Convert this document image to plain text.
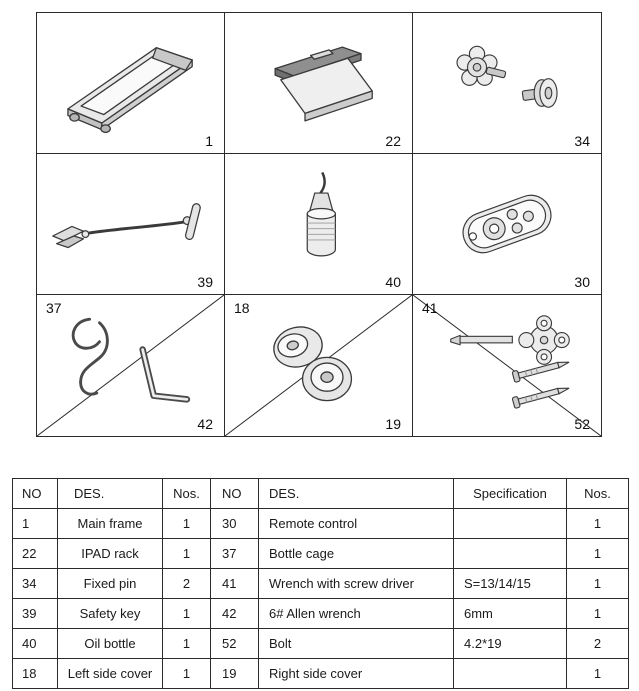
1	22	34
39	40	30
37
42
18
19
41
52
NO	DES.	Nos.	NO	DES.	Specification	Nos.
1	Main frame	1	30	Remote control		1
22	IPAD rack	1	37	Bottle cage		1
34	Fixed pin	2	41	Wrench with screw driver	S=13/14/15	1
39	Safety key	1	42	6# Allen wrench	6mm	1
40	Oil bottle	1	52	Bolt	4.2*19	2
18	Left side cover	1	19	Right side cover		1
